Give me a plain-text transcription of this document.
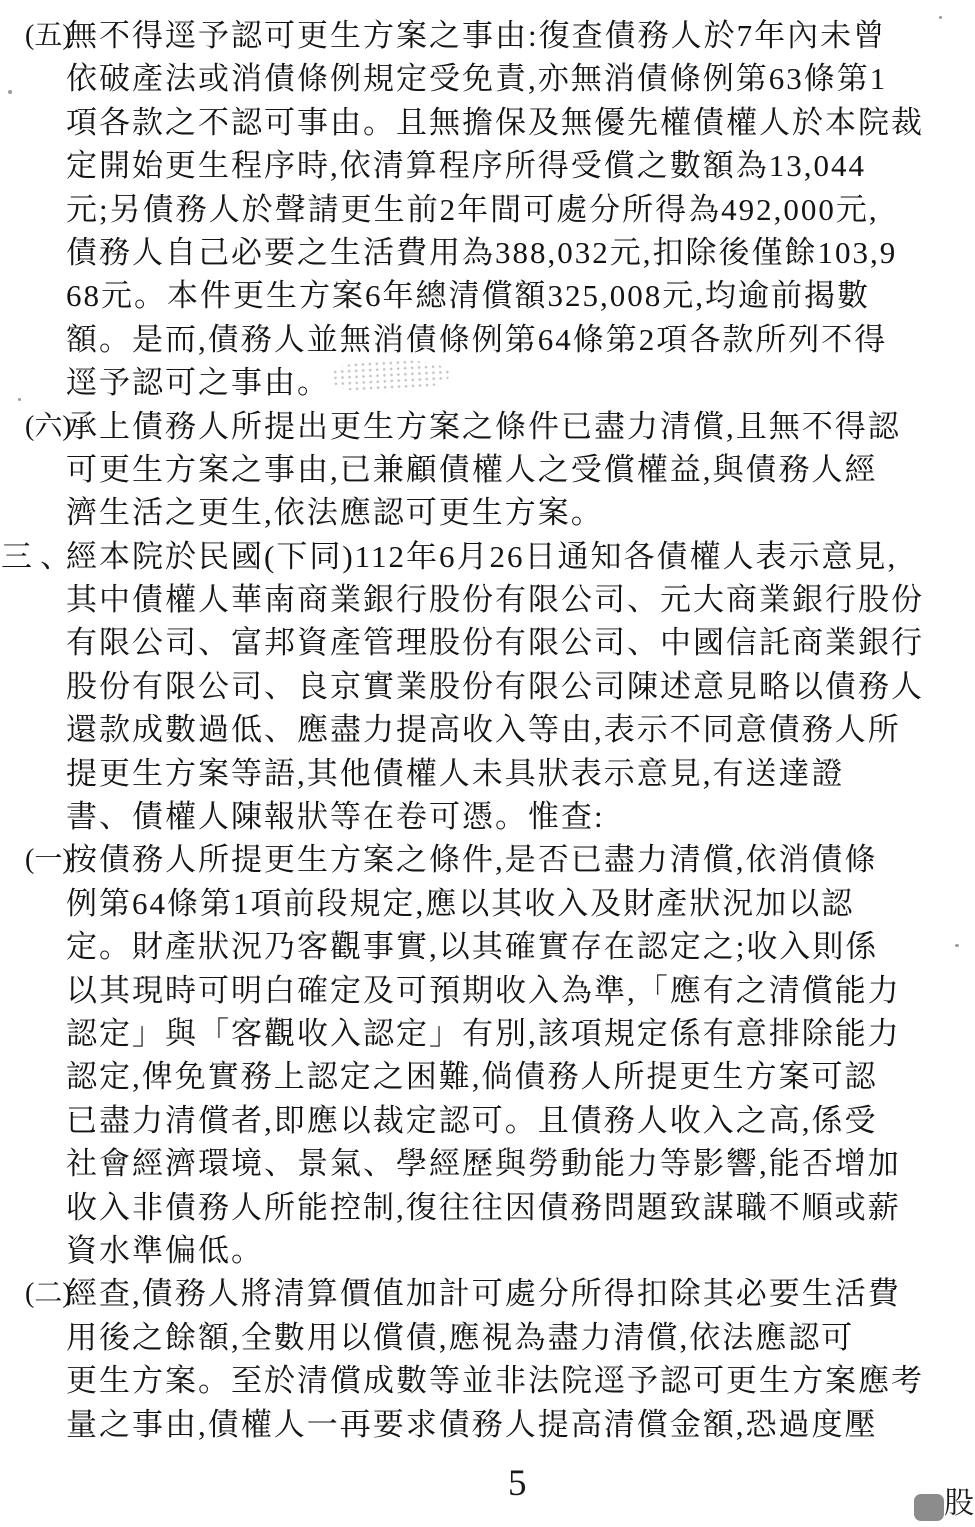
(五)
無不得逕予認可更生方案之事由:復查債務人於7年內未曾
依破產法或消債條例規定受免責,亦無消債條例第63條第1
項各款之不認可事由。且無擔保及無優先權債權人於本院裁
定開始更生程序時,依清算程序所得受償之數額為13,044
元;另債務人於聲請更生前2年間可處分所得為492,000元,
債務人自己必要之生活費用為388,032元,扣除後僅餘103,9
68元。本件更生方案6年總清償額325,008元,均逾前揭數
額。是而,債務人並無消債條例第64條第2項各款所列不得
逕予認可之事由。
(六)
承上債務人所提出更生方案之條件已盡力清償,且無不得認
可更生方案之事由,已兼顧債權人之受償權益,與債務人經
濟生活之更生,依法應認可更生方案。
三、
經本院於民國(下同)112年6月26日通知各債權人表示意見,
其中債權人華南商業銀行股份有限公司、元大商業銀行股份
有限公司、富邦資產管理股份有限公司、中國信託商業銀行
股份有限公司、良京實業股份有限公司陳述意見略以債務人
還款成數過低、應盡力提高收入等由,表示不同意債務人所
提更生方案等語,其他債權人未具狀表示意見,有送達證
書、債權人陳報狀等在卷可憑。惟查:
(一)
按債務人所提更生方案之條件,是否已盡力清償,依消債條
例第64條第1項前段規定,應以其收入及財產狀況加以認
定。財產狀況乃客觀事實,以其確實存在認定之;收入則係
以其現時可明白確定及可預期收入為準,「應有之清償能力
認定」與「客觀收入認定」有別,該項規定係有意排除能力
認定,俾免實務上認定之困難,倘債務人所提更生方案可認
已盡力清償者,即應以裁定認可。且債務人收入之高,係受
社會經濟環境、景氣、學經歷與勞動能力等影響,能否增加
收入非債務人所能控制,復往往因債務問題致謀職不順或薪
資水準偏低。
(二)
經查,債務人將清算價值加計可處分所得扣除其必要生活費
用後之餘額,全數用以償債,應視為盡力清償,依法應認可
更生方案。至於清償成數等並非法院逕予認可更生方案應考
量之事由,債權人一再要求債務人提高清償金額,恐過度壓
5	股
